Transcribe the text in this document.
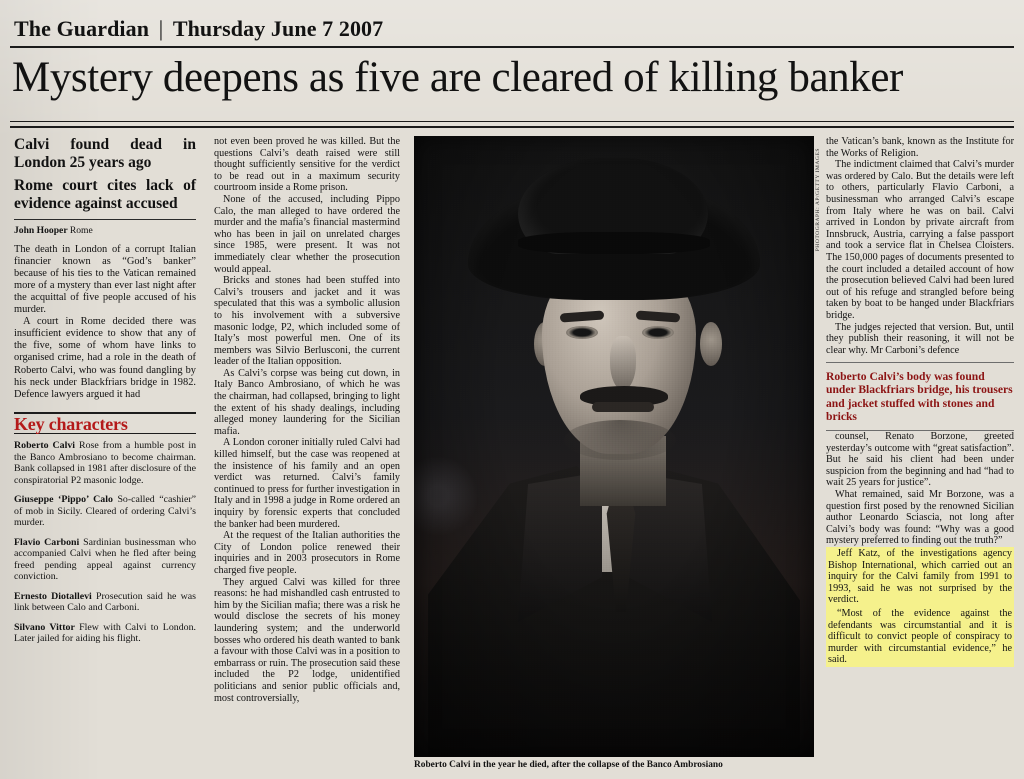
The Guardian | Thursday June 7 2007
Mystery deepens as five are cleared of killing banker
Calvi found dead in London 25 years ago
Rome court cites lack of evidence against accused
John Hooper Rome

The death in London of a corrupt Italian financier known as “God’s banker” because of his ties to the Vatican remained more of a mystery than ever last night after the acquittal of five people accused of his murder.

A court in Rome decided there was insufficient evidence to show that any of the five, some of whom have links to organised crime, had a role in the death of Roberto Calvi, who was found dangling by his neck under Blackfriars bridge in 1982. Defence lawyers argued it had

Key characters
Roberto Calvi Rose from a humble post in the Banco Ambrosiano to become chairman. Bank collapsed in 1981 after disclosure of the conspiratorial P2 masonic lodge.
Giuseppe ‘Pippo’ Calo So-called “cashier” of mob in Sicily. Cleared of ordering Calvi’s murder.
Flavio Carboni Sardinian businessman who accompanied Calvi when he fled after being freed pending appeal against currency conviction.
Ernesto Diotallevi Prosecution said he was link between Calo and Carboni.
Silvano Vittor Flew with Calvi to London. Later jailed for aiding his flight.

not even been proved he was killed. But the questions Calvi’s death raised were still thought sufficiently sensitive for the verdict to be read out in a maximum security courtroom inside a Rome prison.

None of the accused, including Pippo Calo, the man alleged to have ordered the murder and the mafia’s financial mastermind who has been in jail on unrelated charges since 1985, were present. It was not immediately clear whether the prosecution would appeal.

Bricks and stones had been stuffed into Calvi’s trousers and jacket and it was speculated that this was a symbolic allusion to his involvement with a subversive masonic lodge, P2, which included some of Italy’s most powerful men. One of its members was Silvio Berlusconi, the current leader of the Italian opposition.

As Calvi’s corpse was being cut down, in Italy Banco Ambrosiano, of which he was the chairman, had collapsed, bringing to light the extent of his shady dealings, including alleged money laundering for the Sicilian mafia.

A London coroner initially ruled Calvi had killed himself, but the case was reopened at the insistence of his family and an open verdict was returned. Calvi’s family continued to press for further investigation in Italy and in 1998 a judge in Rome ordered an inquiry by forensic experts that concluded the banker had been murdered.

At the request of the Italian authorities the City of London police renewed their inquiries and in 2003 prosecutors in Rome charged five people.

They argued Calvi was killed for three reasons: he had mishandled cash entrusted to him by the Sicilian mafia; there was a risk he would disclose the secrets of his money laundering system; and the underworld bosses who ordered his death wanted to bank a favour with those Calvi was in a position to embarrass or ruin. The prosecution said these included the P2 lodge, unidentified politicians and senior public officials and, most controversially,

PHOTOGRAPH: AP/GETTY IMAGES
Roberto Calvi in the year he died, after the collapse of the Banco Ambrosiano

the Vatican’s bank, known as the Institute for the Works of Religion.

The indictment claimed that Calvi’s murder was ordered by Calo. But the details were left to others, particularly Flavio Carboni, a businessman who arranged Calvi’s escape from Italy where he was on bail. Calvi arrived in London by private aircraft from Innsbruck, Austria, carrying a false passport and took a service flat in Chelsea Cloisters. The 150,000 pages of documents presented to the court included a detailed account of how the prosecution believed Calvi had been lured out of his refuge and strangled before being taken by boat to be hanged under Blackfriars bridge.

The judges rejected that version. But, until they publish their reasoning, it will not be clear why. Mr Carboni’s defence

Roberto Calvi’s body was found under Blackfriars bridge, his trousers and jacket stuffed with stones and bricks

counsel, Renato Borzone, greeted yesterday’s outcome with “great satisfaction”. But he said his client had been under suspicion from the beginning and had “had to wait 25 years for justice”.

What remained, said Mr Borzone, was a question first posed by the renowned Sicilian author Leonardo Sciascia, not long after Calvi’s body was found: “Why was a good mystery preferred to finding out the truth?”

Jeff Katz, of the investigations agency Bishop International, which carried out an inquiry for the Calvi family from 1991 to 1993, said he was not surprised by the verdict.

“Most of the evidence against the defendants was circumstantial and it is difficult to convict people of conspiracy to murder with circumstantial evidence,” he said.
